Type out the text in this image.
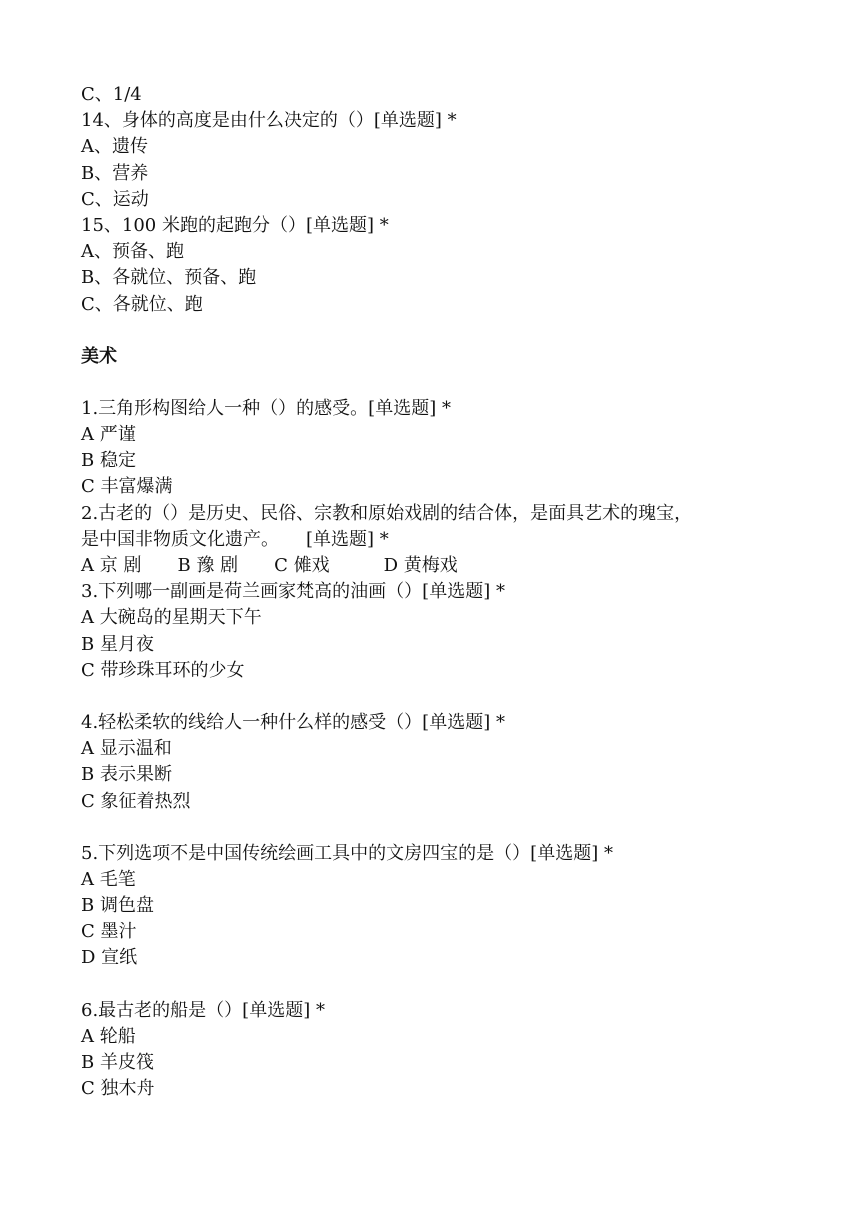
C、1/4
14、身体的高度是由什么决定的（）[单选题] *
A、遗传
B、营养
C、运动
15、100 米跑的起跑分（）[单选题] *
A、预备、跑
B、各就位、预备、跑
C、各就位、跑
美术
1.三角形构图给人一种（）的感受。[单选题] *
A 严谨
B 稳定
C 丰富爆满
2.古老的（）是历史、民俗、宗教和原始戏剧的结合体，是面具艺术的瑰宝，
是中国非物质文化遗产。　　[单选题] *
A 京 剧　　B 豫 剧　　C 傩戏　　　D 黄梅戏
3.下列哪一副画是荷兰画家梵高的油画（）[单选题] *
A 大碗岛的星期天下午
B 星月夜
C 带珍珠耳环的少女
4.轻松柔软的线给人一种什么样的感受（）[单选题] *
A 显示温和
B 表示果断
C 象征着热烈
5.下列选项不是中国传统绘画工具中的文房四宝的是（）[单选题] *
A 毛笔
B 调色盘
C 墨汁
D 宣纸
6.最古老的船是（）[单选题] *
A 轮船
B 羊皮筏
C 独木舟
